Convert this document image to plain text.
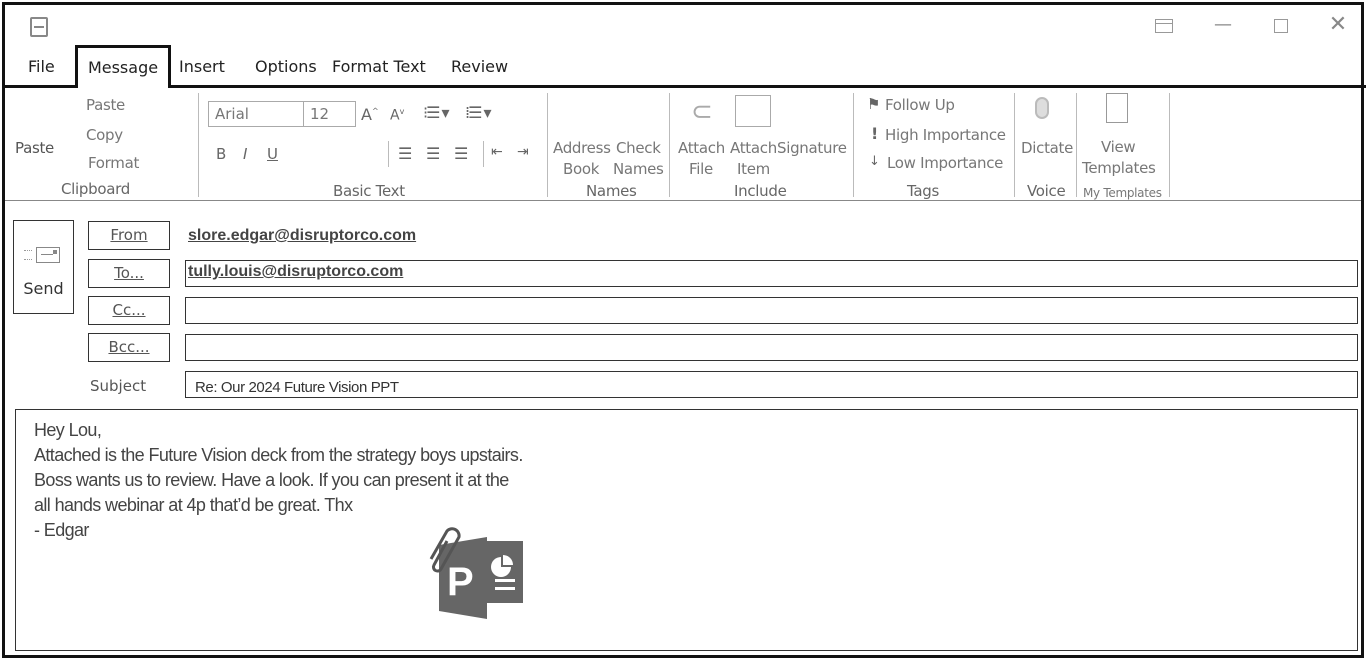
—	✕
File	Message	Insert Options Format Text Review
Paste
Paste
Copy
Format
Clipboard
Arial	12	A^ $A^v$ ⁝☰ ▾ ⁞☰ ▾
B I U	☰ ☰ ☰ ⇤ ⇥
Basic Text
Address
Book
Check
Names
Names
⊂
Attach
File
Attach
Item
Signature
Include
⚑ Follow Up
! High Importance
↓ Low Importance
Tags
Dictate
Voice
View
Templates
My Templates
Send
From	slore.edgar@disruptorco.com
To...	tully.louis@disruptorco.com
Cc...
Bcc...
Subject	Re: Our 2024 Future Vision PPT
Hey Lou,
Attached is the Future Vision deck from the strategy boys upstairs.
Boss wants us to review. Have a look. If you can present it at the
all hands webinar at 4p that’d be great. Thx
- Edgar
P
